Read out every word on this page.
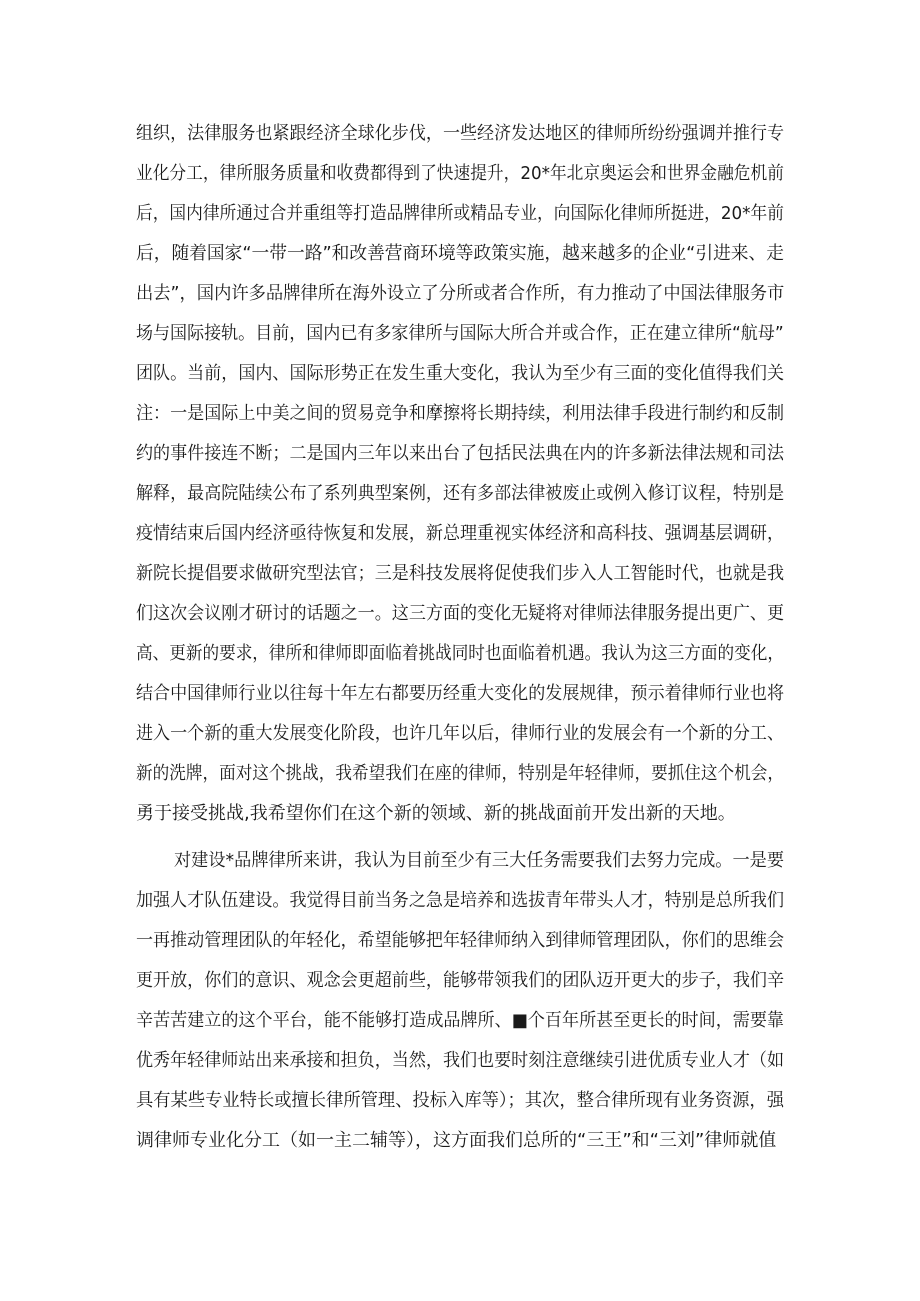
组织，法律服务也紧跟经济全球化步伐，一些经济发达地区的律师所纷纷强调并推行专
业化分工，律所服务质量和收费都得到了快速提升，20*年北京奥运会和世界金融危机前
后，国内律所通过合并重组等打造品牌律所或精品专业，向国际化律师所挺进，20*年前
后，随着国家“一带一路”和改善营商环境等政策实施，越来越多的企业“引进来、走
出去”，国内许多品牌律所在海外设立了分所或者合作所，有力推动了中国法律服务市
场与国际接轨。目前，国内已有多家律所与国际大所合并或合作，正在建立律所“航母”
团队。当前，国内、国际形势正在发生重大变化，我认为至少有三面的变化值得我们关
注：一是国际上中美之间的贸易竞争和摩擦将长期持续，利用法律手段进行制约和反制
约的事件接连不断；二是国内三年以来出台了包括民法典在内的许多新法律法规和司法
解释，最高院陆续公布了系列典型案例，还有多部法律被废止或例入修订议程，特别是
疫情结束后国内经济亟待恢复和发展，新总理重视实体经济和高科技、强调基层调研，
新院长提倡要求做研究型法官；三是科技发展将促使我们步入人工智能时代，也就是我
们这次会议刚才研讨的话题之一。这三方面的变化无疑将对律师法律服务提出更广、更
高、更新的要求，律所和律师即面临着挑战同时也面临着机遇。我认为这三方面的变化，
结合中国律师行业以往每十年左右都要历经重大变化的发展规律，预示着律师行业也将
进入一个新的重大发展变化阶段，也许几年以后，律师行业的发展会有一个新的分工、
新的洗牌，面对这个挑战，我希望我们在座的律师，特别是年轻律师，要抓住这个机会，
勇于接受挑战,我希望你们在这个新的领域、新的挑战面前开发出新的天地。
对建设*品牌律所来讲，我认为目前至少有三大任务需要我们去努力完成。一是要
加强人才队伍建设。我觉得目前当务之急是培养和选拔青年带头人才，特别是总所我们
一再推动管理团队的年轻化，希望能够把年轻律师纳入到律师管理团队，你们的思维会
更开放，你们的意识、观念会更超前些，能够带领我们的团队迈开更大的步子，我们辛
辛苦苦建立的这个平台，能不能够打造成品牌所、■个百年所甚至更长的时间，需要靠
优秀年轻律师站出来承接和担负，当然，我们也要时刻注意继续引进优质专业人才（如
具有某些专业特长或擅长律所管理、投标入库等）；其次，整合律所现有业务资源，强
调律师专业化分工（如一主二辅等），这方面我们总所的“三王”和“三刘”律师就值
